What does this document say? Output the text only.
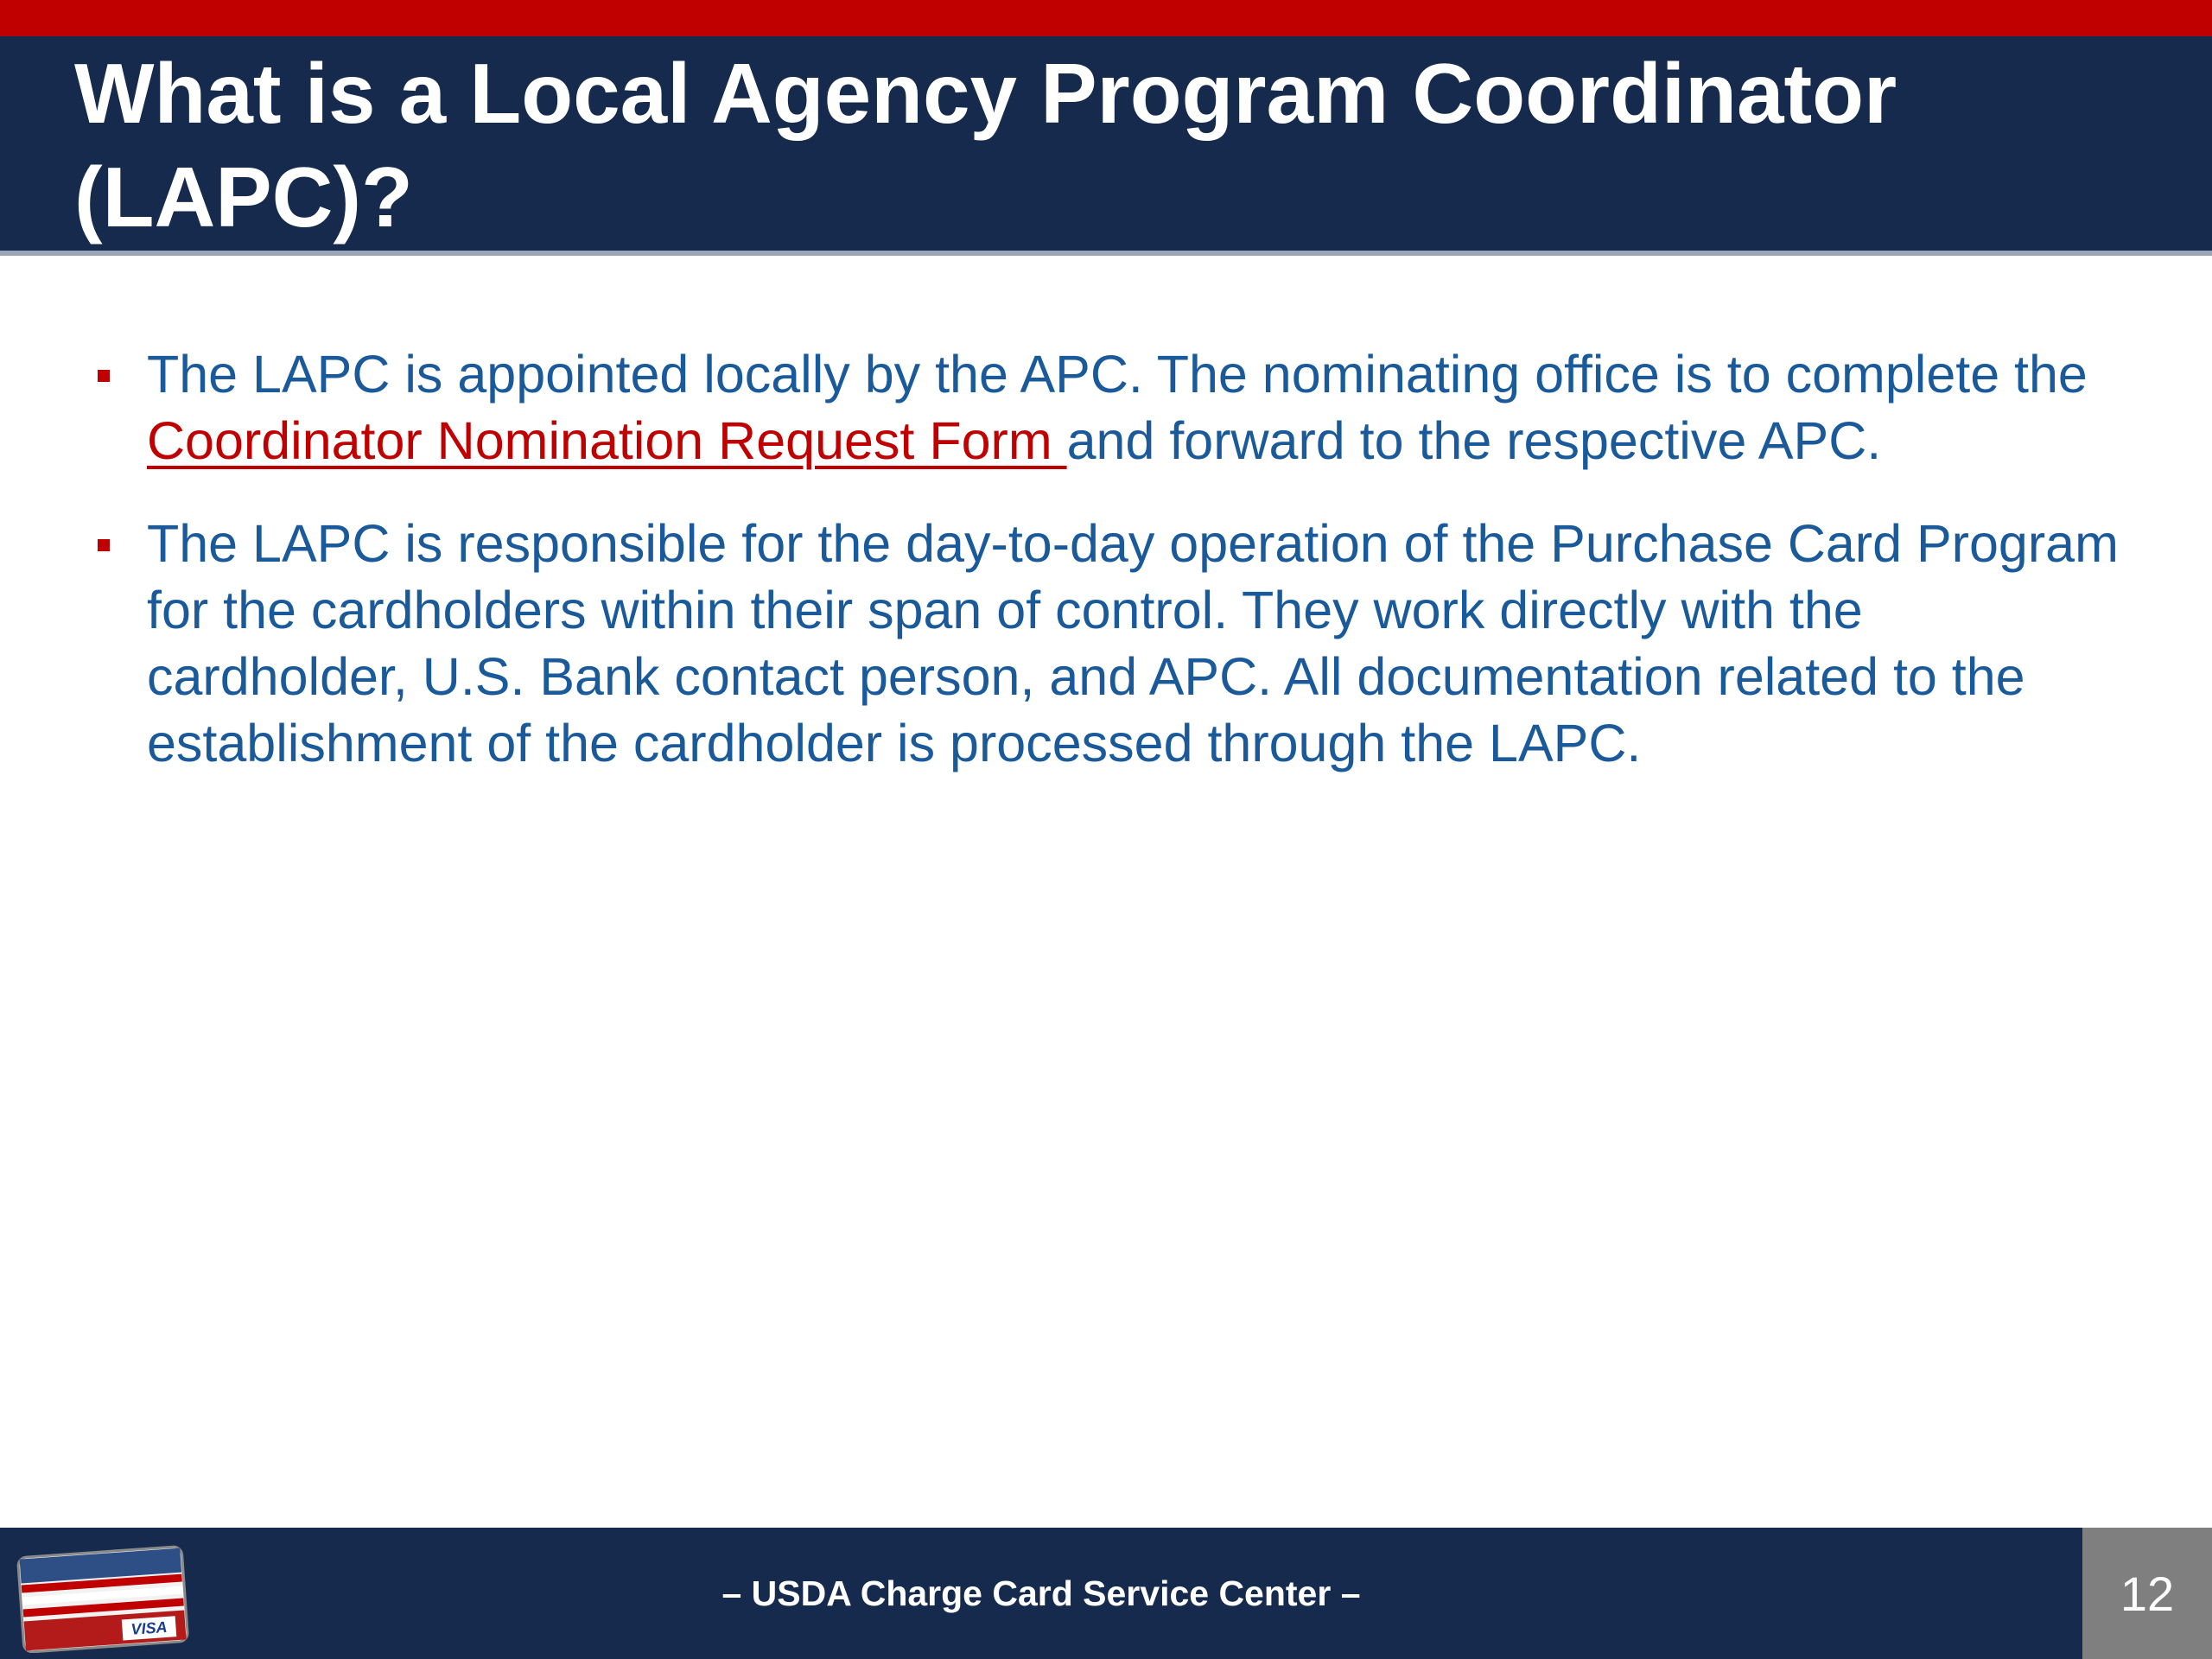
What is a Local Agency Program Coordinator (LAPC)?
The LAPC is appointed locally by the APC. The nominating office is to complete the Coordinator Nomination Request Form and forward to the respective APC.
The LAPC is responsible for the day-to-day operation of the Purchase Card Program for the cardholders within their span of control. They work directly with the cardholder, U.S. Bank contact person, and APC. All documentation related to the establishment of the cardholder is processed through the LAPC.
VISA
– USDA Charge Card Service Center –	12
